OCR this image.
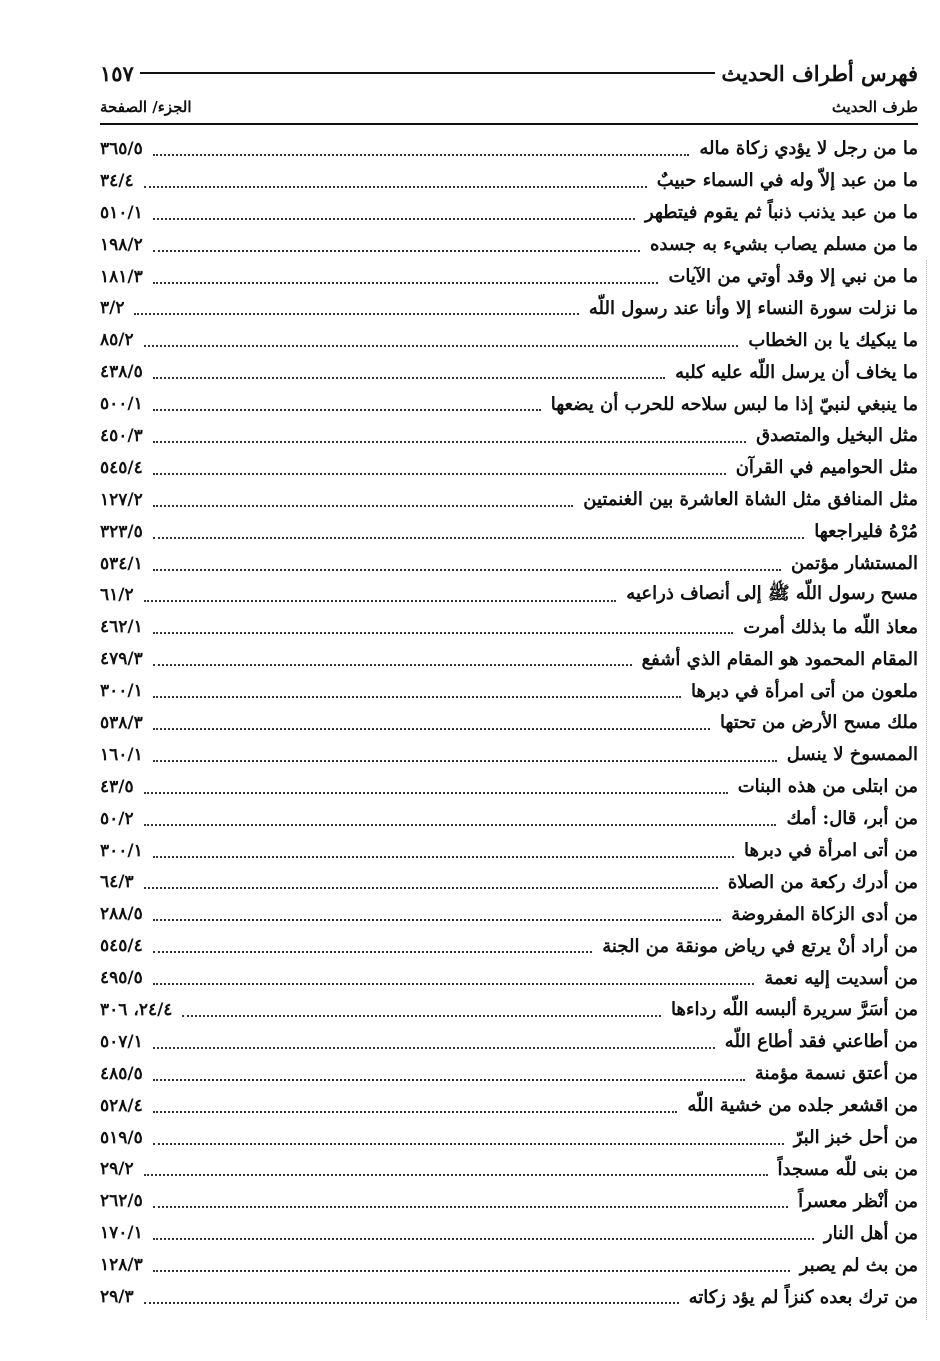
فهرس أطراف الحديث
١٥٧
طرف الحديث
الجزء/ الصفحة
ما من رجل لا يؤدي زكاة ماله
٣٦٥/٥
ما من عبد إلاّ وله في السماء حبيبٌ
٣٤/٤
ما من عبد يذنب ذنباً ثم يقوم فيتطهر
٥١٠/١
ما من مسلم يصاب بشيء به جسده
١٩٨/٢
ما من نبي إلا وقد أوتي من الآيات
١٨١/٣
ما نزلت سورة النساء إلا وأنا عند رسول اللّه
٣/٢
ما يبكيك يا بن الخطاب
٨٥/٢
ما يخاف أن يرسل اللّه عليه كلبه
٤٣٨/٥
ما ينبغي لنبيّ إذا ما لبس سلاحه للحرب أن يضعها
٥٠٠/١
مثل البخيل والمتصدق
٤٥٠/٣
مثل الحواميم في القرآن
٥٤٥/٤
مثل المنافق مثل الشاة العاشرة بين الغنمتين
١٢٧/٢
مُرْهُ فليراجعها
٣٢٣/٥
المستشار مؤتمن
٥٣٤/١
مسح رسول اللّه ﷺ إلى أنصاف ذراعيه
٦١/٢
معاذ اللّه ما بذلك أمرت
٤٦٢/١
المقام المحمود هو المقام الذي أشفع
٤٧٩/٣
ملعون من أتى امرأة في دبرها
٣٠٠/١
ملك مسح الأرض من تحتها
٥٣٨/٣
الممسوخ لا ينسل
١٦٠/١
من ابتلى من هذه البنات
٤٣/٥
من أبر، قال: أمك
٥٠/٢
من أتى امرأة في دبرها
٣٠٠/١
من أدرك ركعة من الصلاة
٦٤/٣
من أدى الزكاة المفروضة
٢٨٨/٥
من أراد أنْ يرتع في رياض مونقة من الجنة
٥٤٥/٤
من أسديت إليه نعمة
٤٩٥/٥
من أسَرَّ سريرة ألبسه اللّه رداءها
٢٤/٤، ٣٠٦
من أطاعني فقد أطاع اللّه
٥٠٧/١
من أعتق نسمة مؤمنة
٤٨٥/٥
من اقشعر جلده من خشية اللّه
٥٢٨/٤
من أحل خبز البرّ
٥١٩/٥
من بنى للّه مسجداً
٢٩/٢
من أنْظر معسراً
٢٦٢/٥
من أهل النار
١٧٠/١
من بث لم يصبر
١٢٨/٣
من ترك بعده كنزاً لم يؤد زكاته
٢٩/٣
